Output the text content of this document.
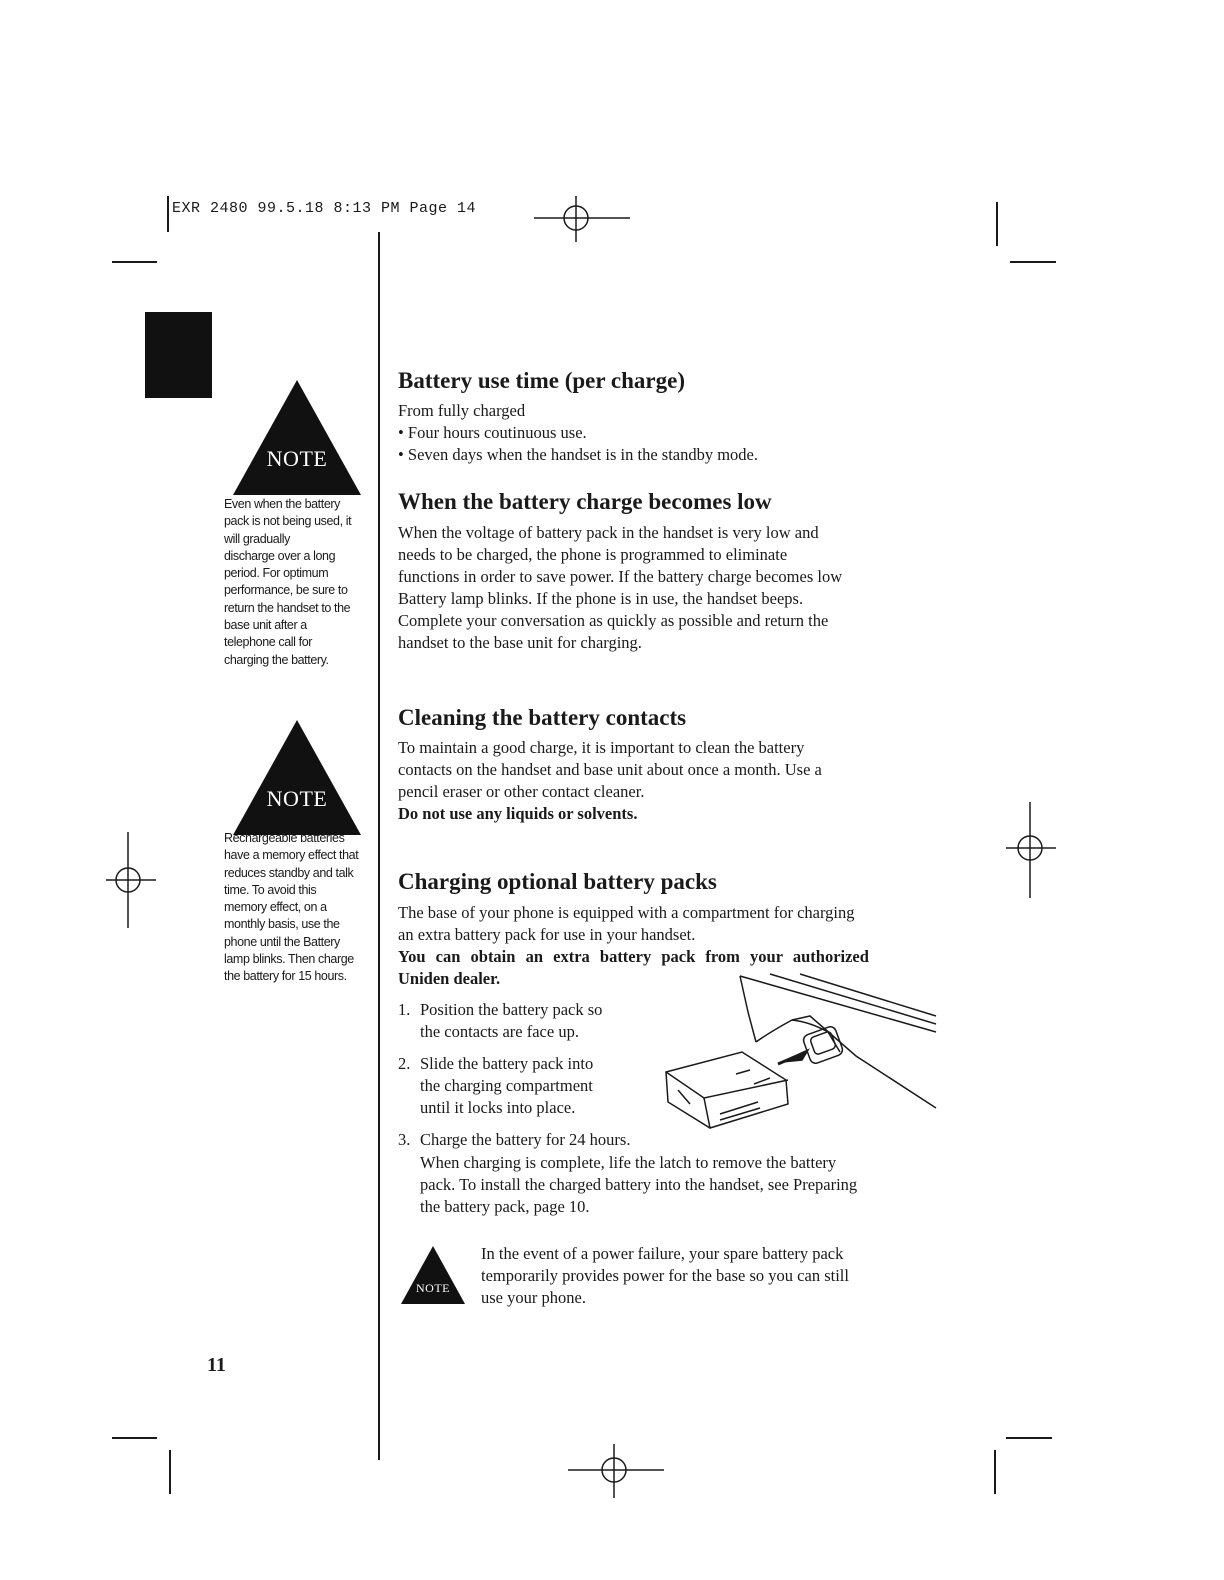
EXR 2480 99.5.18 8:13 PM Page 14
NOTE
Even when the battery
pack is not being used, it
will gradually
discharge over a long
period. For optimum
performance, be sure to
return the handset to the
base unit after a
telephone call for
charging the battery.
NOTE
Rechargeable batteries
have a memory effect that
reduces standby and talk
time. To avoid this
memory effect, on a
monthly basis, use the
phone until the Battery
lamp blinks. Then charge
the battery for 15 hours.
Battery use time (per charge)
From fully charged
• Four hours coutinuous use.
• Seven days when the handset is in the standby mode.
When the battery charge becomes low
When the voltage of battery pack in the handset is very low and
needs to be charged, the phone is programmed to eliminate
functions in order to save power. If the battery charge becomes low
Battery lamp blinks. If the phone is in use, the handset beeps.
Complete your conversation as quickly as possible and return the
handset to the base unit for charging.
Cleaning the battery contacts
To maintain a good charge, it is important to clean the battery
contacts on the handset and base unit about once a month. Use a
pencil eraser or other contact cleaner.
Do not use any liquids or solvents.
Charging optional battery packs
The base of your phone is equipped with a compartment for charging
an extra battery pack for use in your handset.
You can obtain an extra battery pack from your authorized
Uniden dealer.
1. Position the battery pack so
the contacts are face up.
2. Slide the battery pack into
the charging compartment
until it locks into place.
3. Charge the battery for 24 hours.
When charging is complete, life the latch to remove the battery
pack. To install the charged battery into the handset, see Preparing
the battery pack, page 10.
NOTE
In the event of a power failure, your spare battery pack
temporarily provides power for the base so you can still
use your phone.
11
